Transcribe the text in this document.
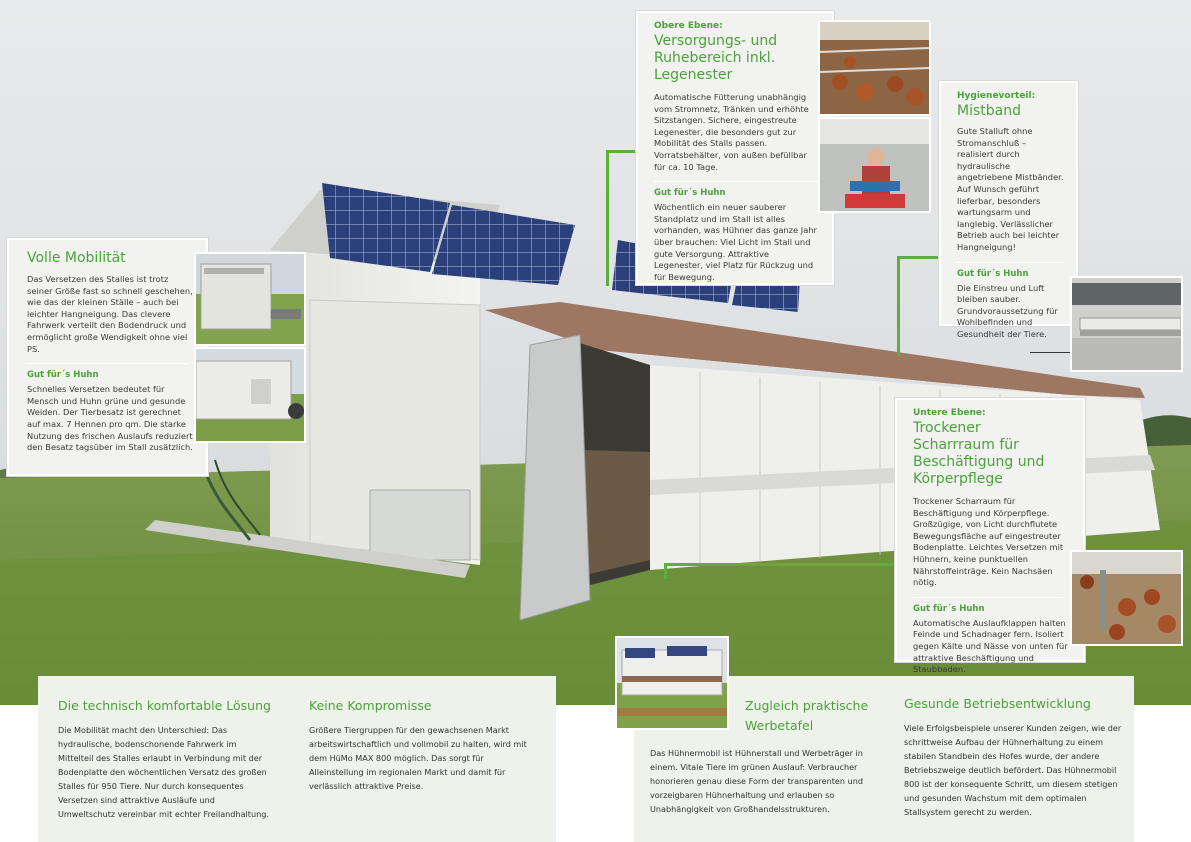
Volle Mobilität

Das Versetzen des Stalles ist trotz seiner Größe fast so schnell geschehen, wie das der kleinen Ställe – auch bei leichter Hangneigung. Das clevere Fahrwerk verteilt den Bodendruck und ermöglicht große Wendigkeit ohne viel PS.

Gut für´s Huhn

Schnelles Versetzen bedeutet für Mensch und Huhn grüne und gesunde Weiden. Der Tierbesatz ist gerechnet auf max. 7 Hennen pro qm. Die starke Nutzung des frischen Auslaufs reduziert den Besatz tagsüber im Stall zusätzlich.

Obere Ebene:

Versorgungs- und Ruhebereich inkl. Legenester

Automatische Fütterung unabhängig vom Stromnetz, Tränken und erhöhte Sitzstangen. Sichere, eingestreute Legenester, die besonders gut zur Mobilität des Stalls passen. Vorratsbehälter, von außen befüllbar für ca. 10 Tage.

Gut für´s Huhn

Wöchentlich ein neuer sauberer Standplatz und im Stall ist alles vorhanden, was Hühner das ganze Jahr über brauchen: Viel Licht im Stall und gute Versorgung. Attraktive Legenester, viel Platz für Rückzug und für Bewegung.

Hygienevorteil:

Mistband

Gute Stalluft ohne Stromanschluß – realisiert durch hydraulische angetriebene Mistbänder. Auf Wunsch geführt lieferbar, besonders wartungsarm und langlebig. Verlässlicher Betrieb auch bei leichter Hangneigung!

Gut für´s Huhn

Die Einstreu und Luft bleiben sauber. Grundvoraussetzung für Wohlbefinden und Gesundheit der Tiere.

Untere Ebene:

Trockener Scharrraum für Beschäftigung und Körperpflege

Trockener Scharraum für Beschäftigung und Körperpflege. Großzügige, von Licht durchflutete Bewegungsfläche auf eingestreuter Bodenplatte. Leichtes Versetzen mit Hühnern, keine punktuellen Nährstoffeinträge. Kein Nachsäen nötig.

Gut für´s Huhn

Automatische Auslaufklappen halten Feinde und Schadnager fern. Isoliert gegen Kälte und Nässe von unten für attraktive Beschäftigung und Staubbaden.

Die technisch komfortable Lösung

Die Mobilität macht den Unterschied: Das hydraulische, bodenschonende Fahrwerk im Mittelteil des Stalles erlaubt in Verbindung mit der Bodenplatte den wöchentlichen Versatz des großen Stalles für 950 Tiere. Nur durch konsequentes Versetzen sind attraktive Ausläufe und Umweltschutz vereinbar mit echter Freilandhaltung.

Keine Kompromisse

Größere Tiergruppen für den gewachsenen Markt arbeitswirtschaftlich und vollmobil zu halten, wird mit dem HüMo MAX 800 möglich. Das sorgt für Alleinstellung im regionalen Markt und damit für verlässlich attraktive Preise.

Zugleich praktische Werbetafel

Das Hühnermobil ist Hühnerstall und Werbeträger in einem. Vitale Tiere im grünen Auslauf: Verbraucher honorieren genau diese Form der transparenten und vorzeigbaren Hühnerhaltung und erlauben so Unabhängigkeit von Großhandelsstrukturen.

Gesunde Betriebsentwicklung

Viele Erfolgsbeispiele unserer Kunden zeigen, wie der schrittweise Aufbau der Hühnerhaltung zu einem stabilen Standbein des Hofes wurde, der andere Betriebszweige deutlich befördert. Das Hühnermobil 800 ist der konsequente Schritt, um diesem stetigen und gesunden Wachstum mit dem optimalen Stallsystem gerecht zu werden.
